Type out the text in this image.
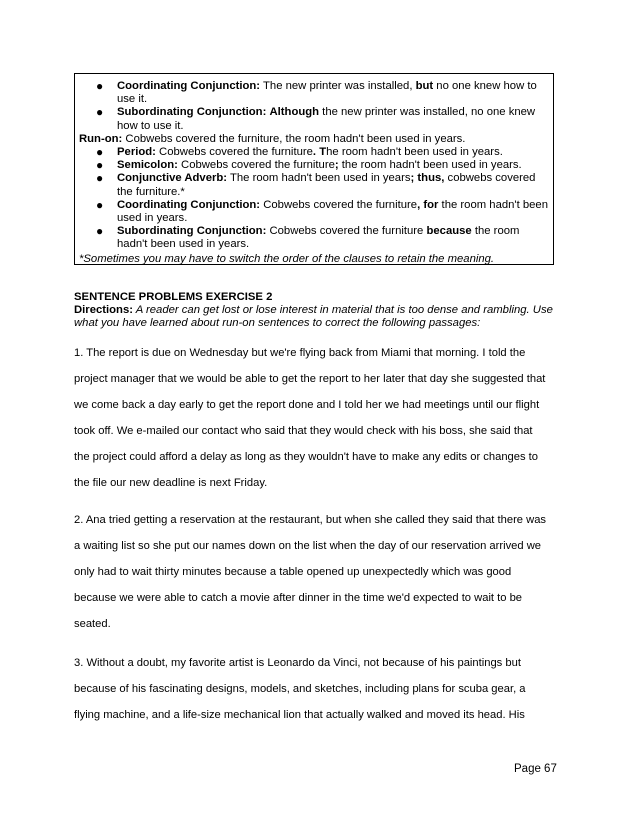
● Coordinating Conjunction: The new printer was installed, but no one knew how to
use it.
● Subordinating Conjunction: Although the new printer was installed, no one knew
how to use it.
Run-on: Cobwebs covered the furniture, the room hadn't been used in years.
● Period: Cobwebs covered the furniture. The room hadn't been used in years.
● Semicolon: Cobwebs covered the furniture; the room hadn't been used in years.
● Conjunctive Adverb: The room hadn't been used in years; thus, cobwebs covered
the furniture.*
● Coordinating Conjunction: Cobwebs covered the furniture, for the room hadn't been
used in years.
● Subordinating Conjunction: Cobwebs covered the furniture because the room
hadn't been used in years.
*Sometimes you may have to switch the order of the clauses to retain the meaning.
SENTENCE PROBLEMS EXERCISE 2
Directions: A reader can get lost or lose interest in material that is too dense and rambling. Use
what you have learned about run-on sentences to correct the following passages:
1. The report is due on Wednesday but we're flying back from Miami that morning. I told the
project manager that we would be able to get the report to her later that day she suggested that
we come back a day early to get the report done and I told her we had meetings until our flight
took off. We e-mailed our contact who said that they would check with his boss, she said that
the project could afford a delay as long as they wouldn't have to make any edits or changes to
the file our new deadline is next Friday.
2. Ana tried getting a reservation at the restaurant, but when she called they said that there was
a waiting list so she put our names down on the list when the day of our reservation arrived we
only had to wait thirty minutes because a table opened up unexpectedly which was good
because we were able to catch a movie after dinner in the time we'd expected to wait to be
seated.
3. Without a doubt, my favorite artist is Leonardo da Vinci, not because of his paintings but
because of his fascinating designs, models, and sketches, including plans for scuba gear, a
flying machine, and a life-size mechanical lion that actually walked and moved its head. His
Page 67
